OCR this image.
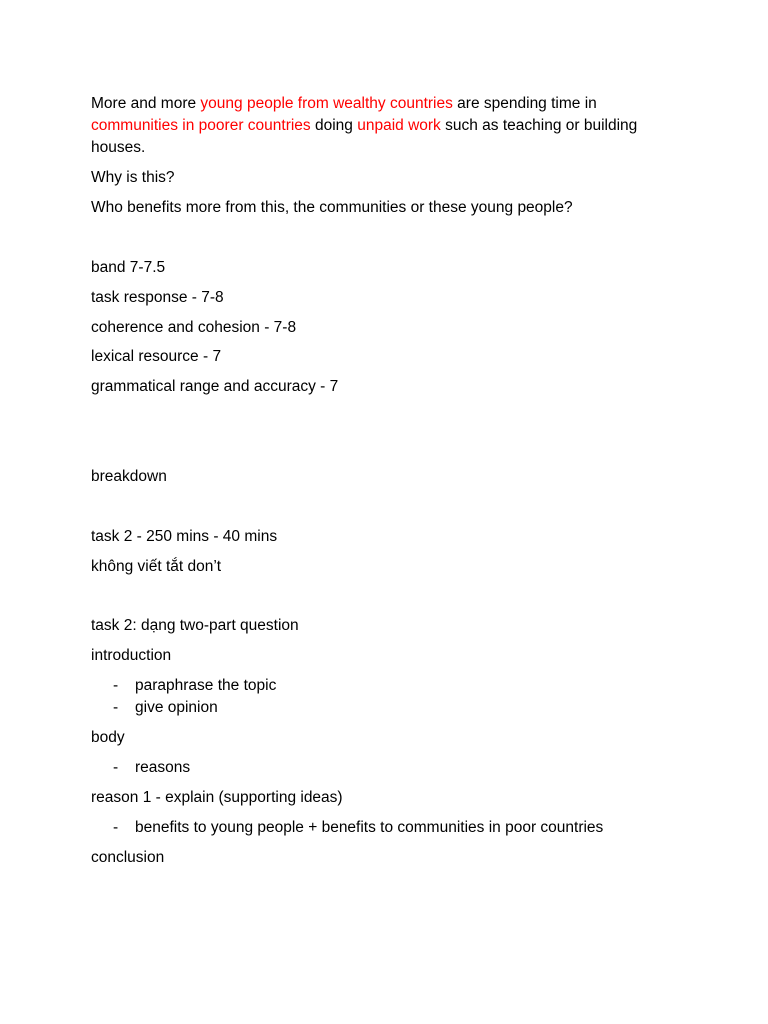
More and more young people from wealthy countries are spending time in
communities in poorer countries doing unpaid work such as teaching or building
houses.
Why is this?
Who benefits more from this, the communities or these young people?
band 7-7.5
task response - 7-8
coherence and cohesion - 7-8
lexical resource - 7
grammatical range and accuracy - 7
breakdown
task 2 - 250 mins - 40 mins
không viết tắt don’t
task 2: dạng two-part question
introduction
- paraphrase the topic
- give opinion
body
- reasons
reason 1 - explain (supporting ideas)
- benefits to young people + benefits to communities in poor countries
conclusion
